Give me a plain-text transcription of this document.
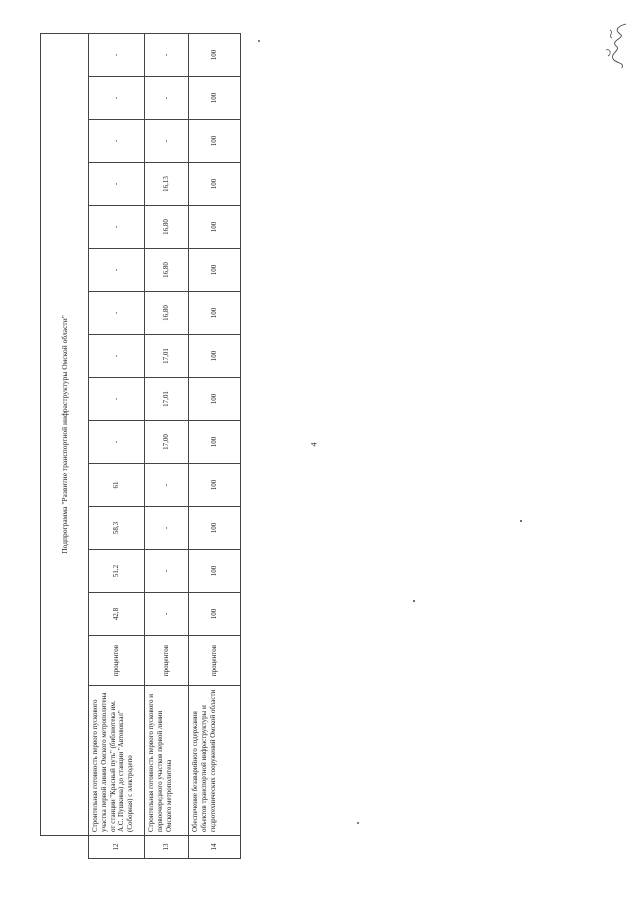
4
	Подпрограмма "Развитие транспортной инфраструктуры Омской области"															
12	Строительная готовность первого пускового участка первой линии Омского метрополитена от станции "Красный путь" (библиотека им. А.С. Пушкина) до станции "Автовокзал" (Соборная) с электродепо	процентов	42,8	51,2	58,3	61	-	-	-	-	-	-	-	-	-	-
13	Строительная готовность первого пускового и первоочередного участков первой линии Омского метрополитена	процентов	-	-	-	-	17,00	17,01	17,01	16,80	16,80	16,80	16,13	-	-	-
14	Обеспечение безаварийного содержания объектов транспортной инфраструктуры и гидротехнических сооружений Омской области	процентов	100	100	100	100	100	100	100	100	100	100	100	100	100	100
